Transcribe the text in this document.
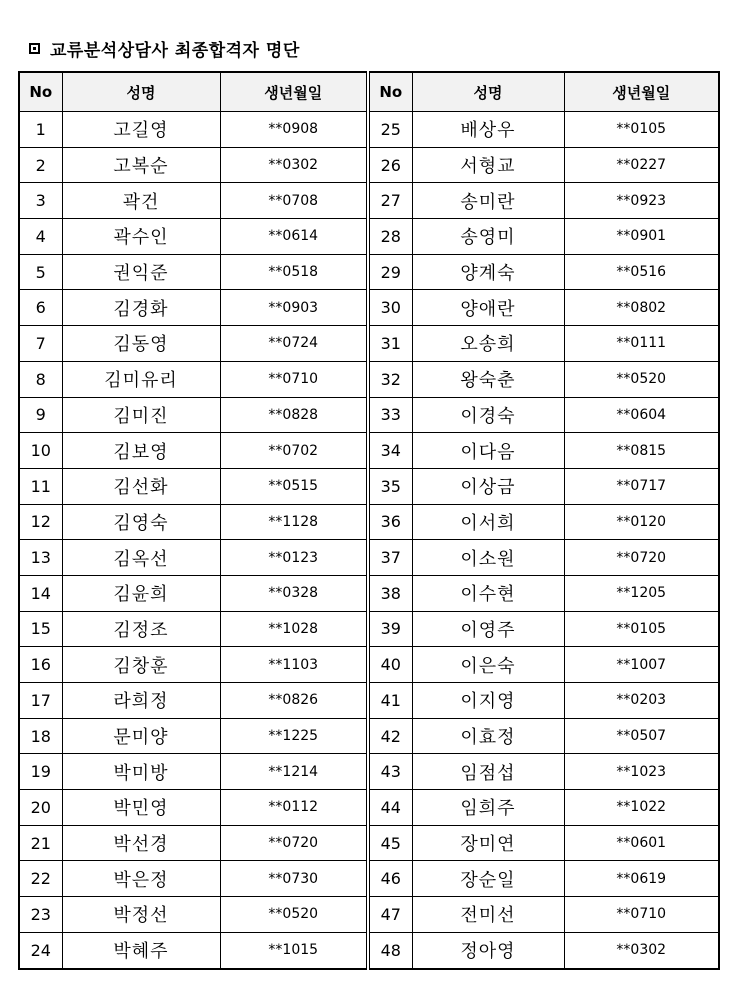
교류분석상담사 최종합격자 명단
No	성명	생년월일	No	성명	생년월일
1	고길영	**0908	25	배상우	**0105
2	고복순	**0302	26	서형교	**0227
3	곽건	**0708	27	송미란	**0923
4	곽수인	**0614	28	송영미	**0901
5	권익준	**0518	29	양계숙	**0516
6	김경화	**0903	30	양애란	**0802
7	김동영	**0724	31	오송희	**0111
8	김미유리	**0710	32	왕숙춘	**0520
9	김미진	**0828	33	이경숙	**0604
10	김보영	**0702	34	이다음	**0815
11	김선화	**0515	35	이상금	**0717
12	김영숙	**1128	36	이서희	**0120
13	김옥선	**0123	37	이소원	**0720
14	김윤희	**0328	38	이수현	**1205
15	김정조	**1028	39	이영주	**0105
16	김창훈	**1103	40	이은숙	**1007
17	라희정	**0826	41	이지영	**0203
18	문미양	**1225	42	이효정	**0507
19	박미방	**1214	43	임점섭	**1023
20	박민영	**0112	44	임희주	**1022
21	박선경	**0720	45	장미연	**0601
22	박은정	**0730	46	장순일	**0619
23	박정선	**0520	47	전미선	**0710
24	박혜주	**1015	48	정아영	**0302
